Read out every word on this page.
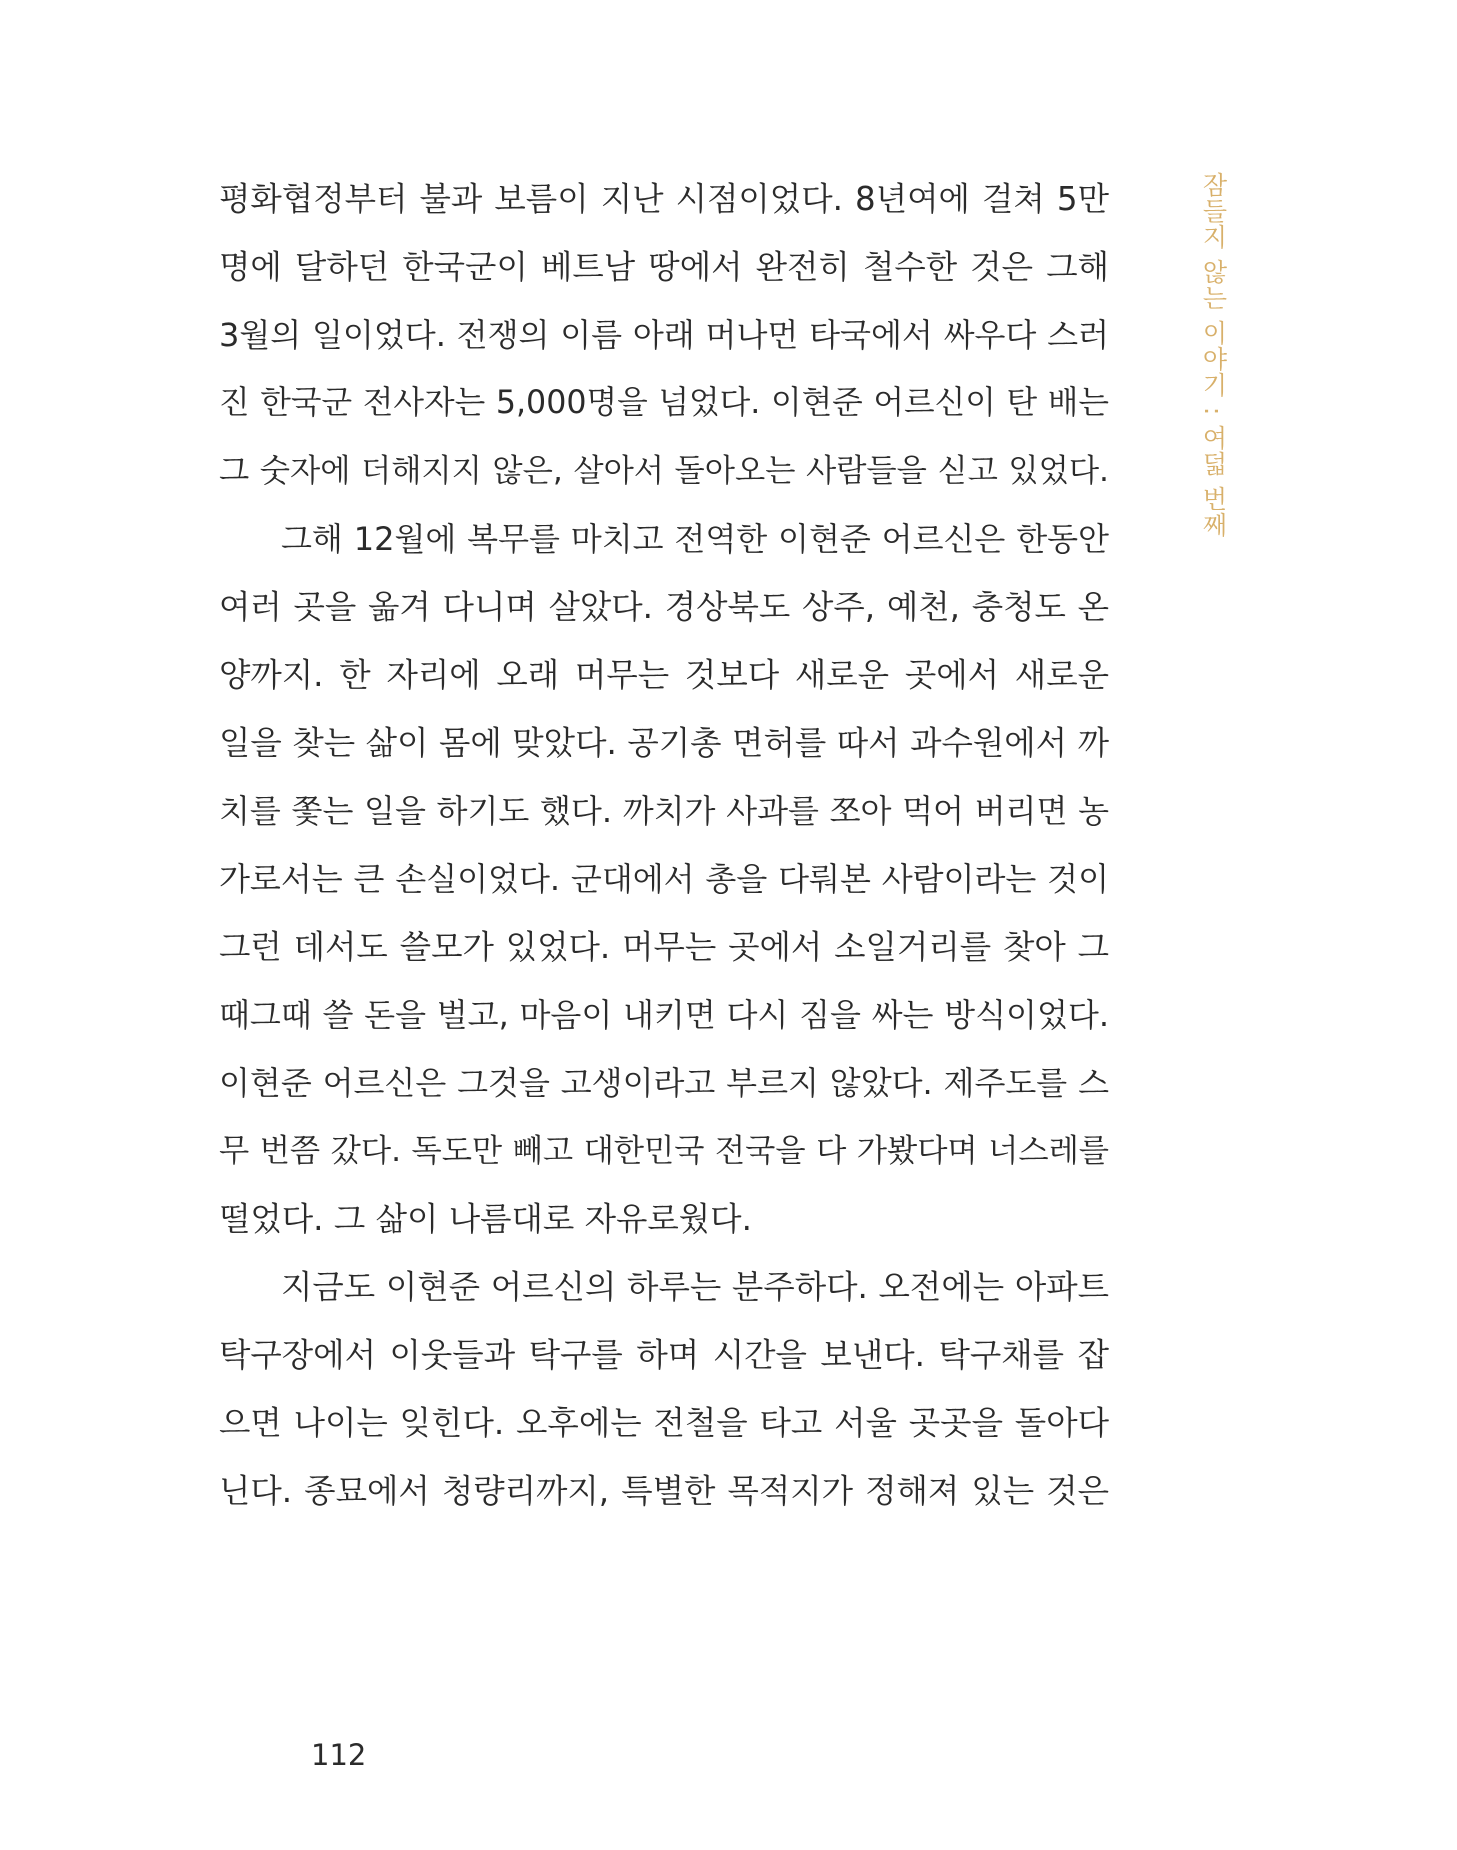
평화협정부터 불과 보름이 지난 시점이었다. 8년여에 걸쳐 5만
명에 달하던 한국군이 베트남 땅에서 완전히 철수한 것은 그해
3월의 일이었다. 전쟁의 이름 아래 머나먼 타국에서 싸우다 스러
진 한국군 전사자는 5,000명을 넘었다. 이현준 어르신이 탄 배는
그 숫자에 더해지지 않은, 살아서 돌아오는 사람들을 싣고 있었다.
그해 12월에 복무를 마치고 전역한 이현준 어르신은 한동안
여러 곳을 옮겨 다니며 살았다. 경상북도 상주, 예천, 충청도 온
양까지. 한 자리에 오래 머무는 것보다 새로운 곳에서 새로운
일을 찾는 삶이 몸에 맞았다. 공기총 면허를 따서 과수원에서 까
치를 쫓는 일을 하기도 했다. 까치가 사과를 쪼아 먹어 버리면 농
가로서는 큰 손실이었다. 군대에서 총을 다뤄본 사람이라는 것이
그런 데서도 쓸모가 있었다. 머무는 곳에서 소일거리를 찾아 그
때그때 쓸 돈을 벌고, 마음이 내키면 다시 짐을 싸는 방식이었다.
이현준 어르신은 그것을 고생이라고 부르지 않았다. 제주도를 스
무 번쯤 갔다. 독도만 빼고 대한민국 전국을 다 가봤다며 너스레를
떨었다. 그 삶이 나름대로 자유로웠다.
지금도 이현준 어르신의 하루는 분주하다. 오전에는 아파트
탁구장에서 이웃들과 탁구를 하며 시간을 보낸다. 탁구채를 잡
으면 나이는 잊힌다. 오후에는 전철을 타고 서울 곳곳을 돌아다
닌다. 종묘에서 청량리까지, 특별한 목적지가 정해져 있는 것은
잠들지 않는 이야기 : 여덟 번째
112
